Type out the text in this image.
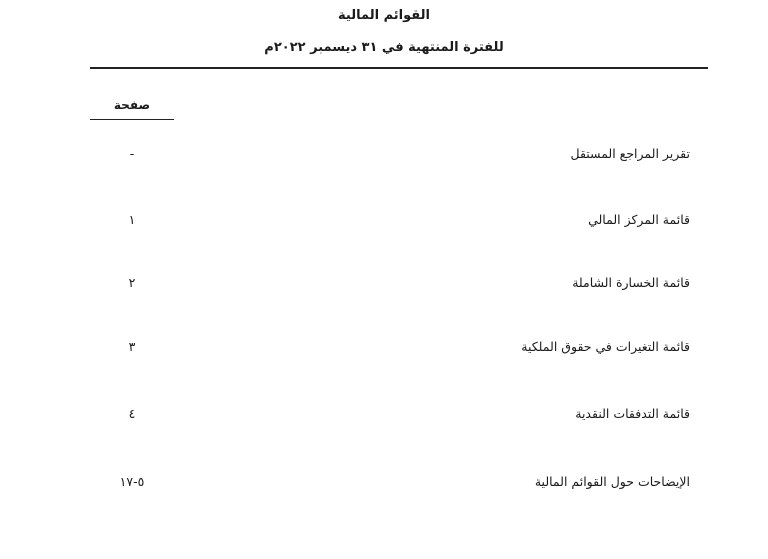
القوائم المالية
للفترة المنتهية في ٣١ ديسمبر ٢٠٢٢م
صفحة
تقرير المراجع المستقل
-
قائمة المركز المالي
١
قائمة الخسارة الشاملة
٢
قائمة التغيرات في حقوق الملكية
٣
قائمة التدفقات النقدية
٤
الإيضاحات حول القوائم المالية
٥-١٧
